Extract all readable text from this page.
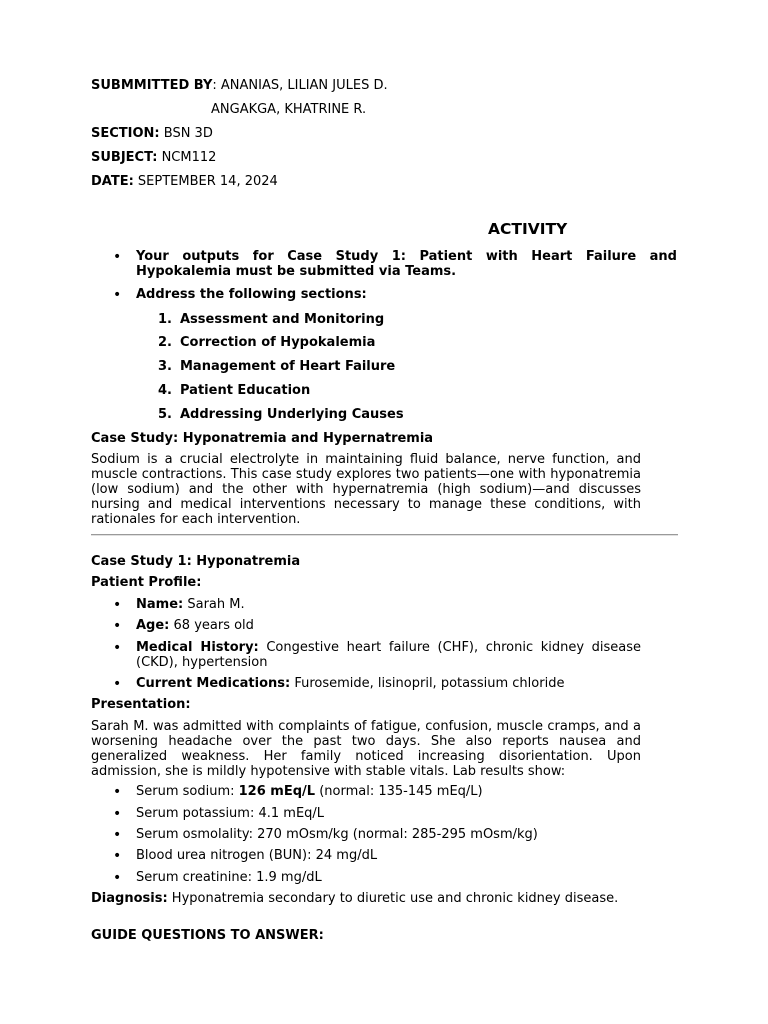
SUBMMITTED BY: ANANIAS, LILIAN JULES D.
ANGAKGA, KHATRINE R.
SECTION: BSN 3D
SUBJECT: NCM112
DATE: SEPTEMBER 14, 2024
ACTIVITY
• Your outputs for Case Study 1: Patient with Heart Failure and Hypokalemia must be submitted via Teams.
• Address the following sections:
1. Assessment and Monitoring
2. Correction of Hypokalemia
3. Management of Heart Failure
4. Patient Education
5. Addressing Underlying Causes
Case Study: Hyponatremia and Hypernatremia
Sodium is a crucial electrolyte in maintaining fluid balance, nerve function, and muscle contractions. This case study explores two patients—one with hyponatremia (low sodium) and the other with hypernatremia (high sodium)—and discusses nursing and medical interventions necessary to manage these conditions, with rationales for each intervention.
Case Study 1: Hyponatremia
Patient Profile:
• Name: Sarah M.
• Age: 68 years old
• Medical History: Congestive heart failure (CHF), chronic kidney disease (CKD), hypertension
• Current Medications: Furosemide, lisinopril, potassium chloride
Presentation:
Sarah M. was admitted with complaints of fatigue, confusion, muscle cramps, and a worsening headache over the past two days. She also reports nausea and generalized weakness. Her family noticed increasing disorientation. Upon admission, she is mildly hypotensive with stable vitals. Lab results show:
• Serum sodium: 126 mEq/L (normal: 135-145 mEq/L)
• Serum potassium: 4.1 mEq/L
• Serum osmolality: 270 mOsm/kg (normal: 285-295 mOsm/kg)
• Blood urea nitrogen (BUN): 24 mg/dL
• Serum creatinine: 1.9 mg/dL
Diagnosis: Hyponatremia secondary to diuretic use and chronic kidney disease.
GUIDE QUESTIONS TO ANSWER:
